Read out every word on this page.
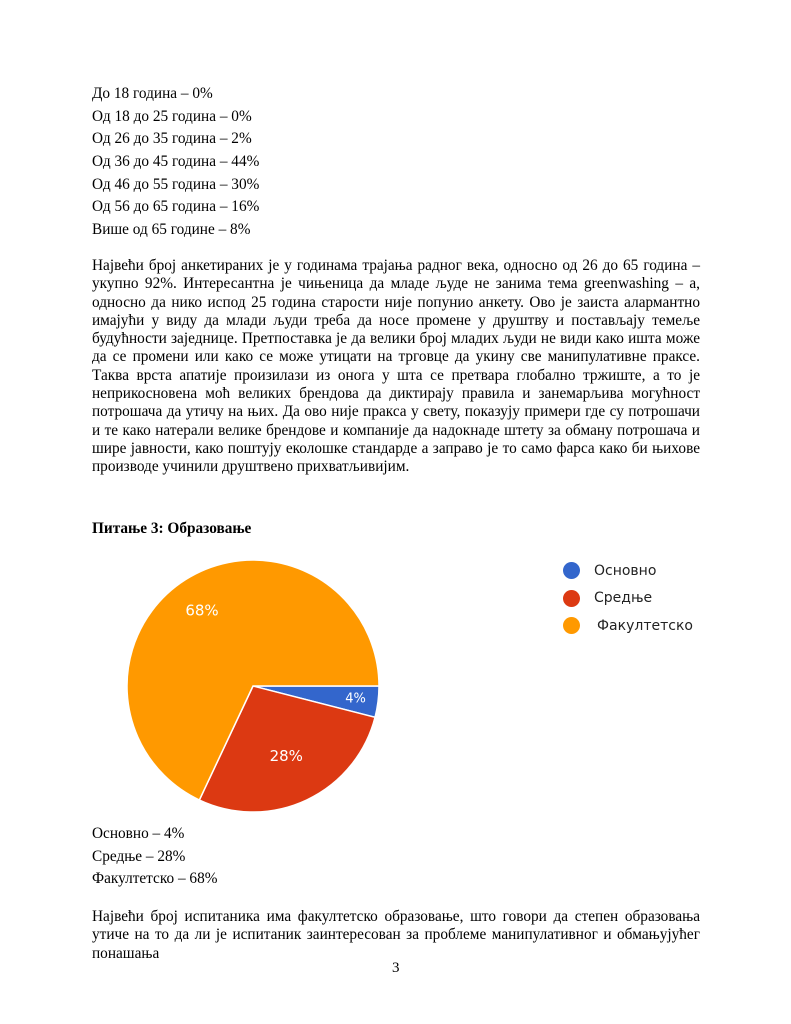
До 18 година – 0%
Од 18 до 25 година – 0%
Од 26 до 35 година – 2%
Од 36 до 45 година – 44%
Од 46 до 55 година – 30%
Од 56 до 65 година – 16%
Више од 65 године – 8%

Највећи број анкетираних је у годинама трајања радног века, односно од 26 до 65 година – укупно 92%. Интересантна је чињеница да младе људе не занима тема greenwashing – а, односно да нико испод 25 година старости није попунио анкету. Ово је заиста алармантно имајући у виду да млади људи треба да носе промене у друштву и постављају темеље будућности заједнице. Претпоставка је да велики број младих људи не види како ишта може да се промени или како се може утицати на трговце да укину све манипулативне праксе. Таква врста апатије произилази из онога у шта се претвара глобално тржиште, а то је неприкосновена моћ великих брендова да диктирају правила и занемарљива могућност потрошача да утичу на њих. Да ово није пракса у свету, показују примери где су потрошачи и те како натерали велике брендове и компаније да надокнаде штету за обману потрошача и шире јавности, како поштују еколошке стандарде а заправо је то само фарса како би њихове производе учинили друштвено прихватљивијим.

Питање 3: Образовање
4%
28%
68%
Основно
Средње
Факултетско
Основно – 4%
Средње – 28%
Факултетско – 68%

Највећи број испитаника има факултетско образовање, што говори да степен образовања утиче на то да ли је испитаник заинтересован за проблеме манипулативног и обмањујућег понашања

3
